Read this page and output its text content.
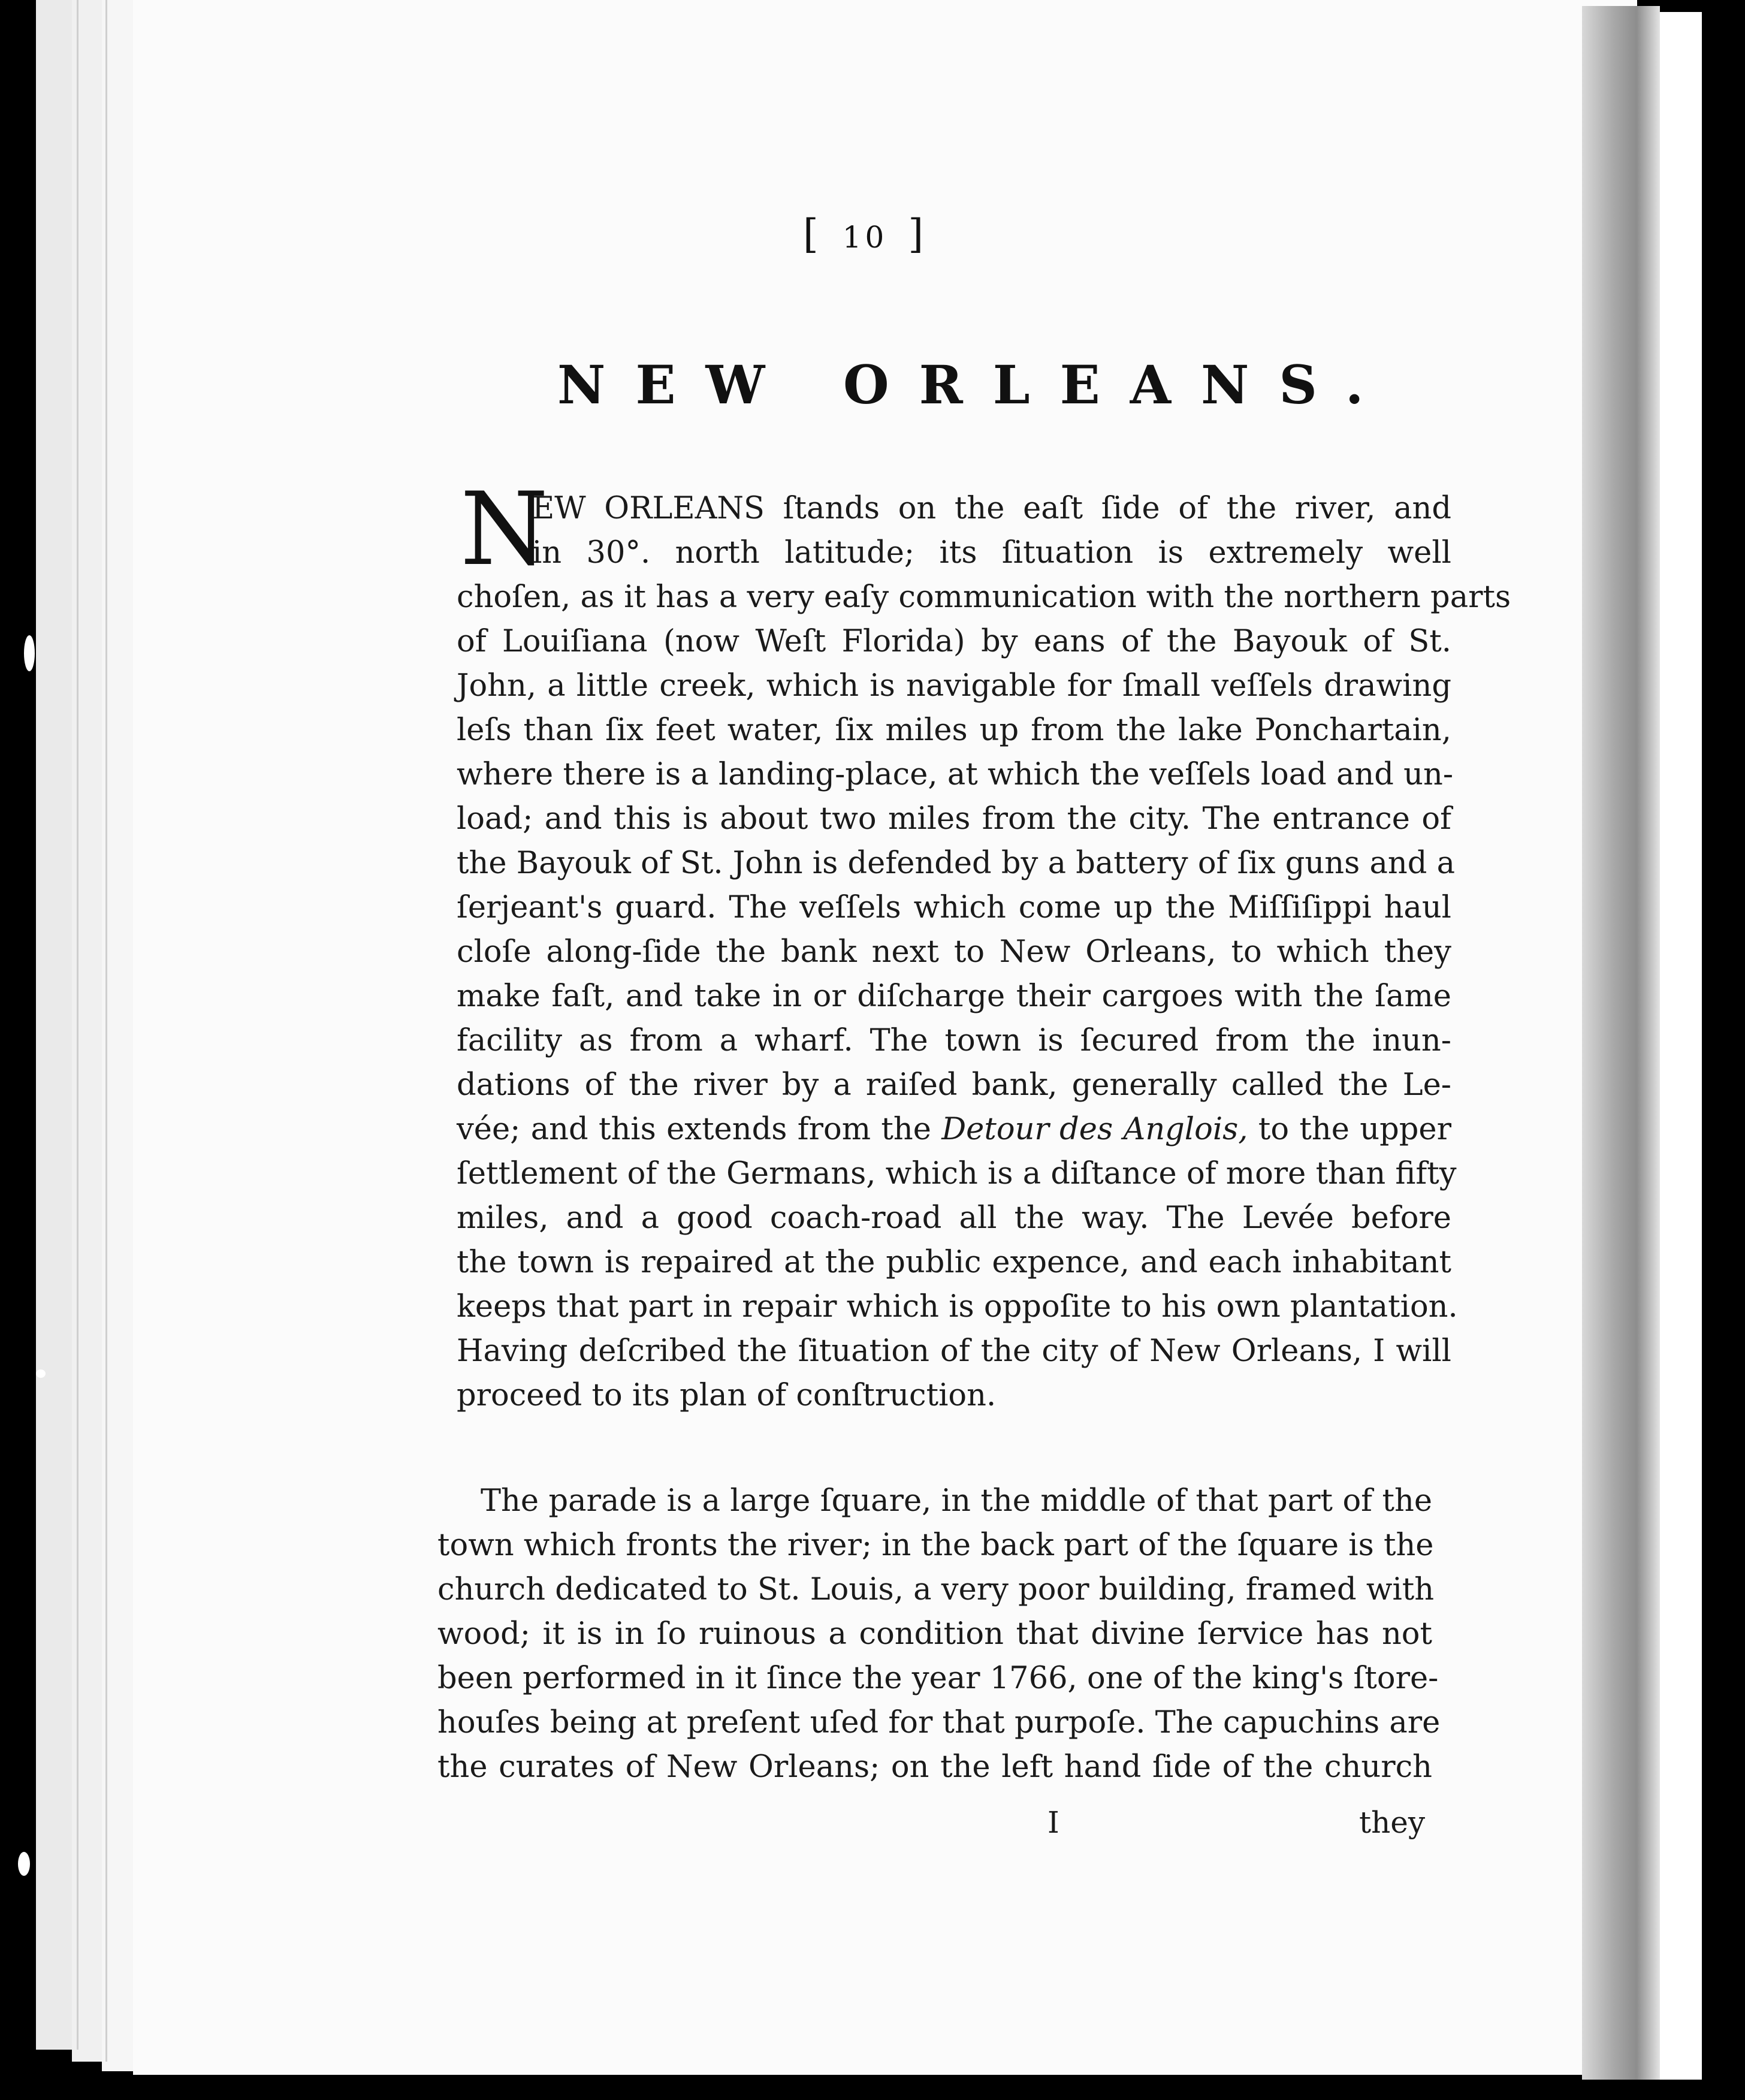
[ 10 ]
NEW ORLEANS.
N
EW ORLEANS ſtands on the eaſt ſide of the river, and
in 30°. north latitude; its ſituation is extremely well
choſen, as it has a very eaſy communication with the northern parts
of Louiſiana (now Weſt Florida) by eans of the Bayouk of St.
John, a little creek, which is navigable for ſmall veſſels drawing
leſs than ſix feet water, ſix miles up from the lake Ponchartain,
where there is a landing-place, at which the veſſels load and un-
load; and this is about two miles from the city. The entrance of
the Bayouk of St. John is defended by a battery of ſix guns and a
ſerjeant's guard. The veſſels which come up the Miſſiſippi haul
cloſe along-ſide the bank next to New Orleans, to which they
make faſt, and take in or diſcharge their cargoes with the ſame
facility as from a wharf. The town is ſecured from the inun-
dations of the river by a raiſed bank, generally called the Le-
vée; and this extends from the Detour des Anglois, to the upper
ſettlement of the Germans, which is a diſtance of more than fifty
miles, and a good coach-road all the way. The Levée before
the town is repaired at the public expence, and each inhabitant
keeps that part in repair which is oppoſite to his own plantation.
Having deſcribed the ſituation of the city of New Orleans, I will
proceed to its plan of conſtruction.
The parade is a large ſquare, in the middle of that part of the
town which fronts the river; in the back part of the ſquare is the
church dedicated to St. Louis, a very poor building, framed with
wood; it is in ſo ruinous a condition that divine ſervice has not
been performed in it ſince the year 1766, one of the king's ſtore-
houſes being at preſent uſed for that purpoſe. The capuchins are
the curates of New Orleans; on the left hand ſide of the church
I	they
